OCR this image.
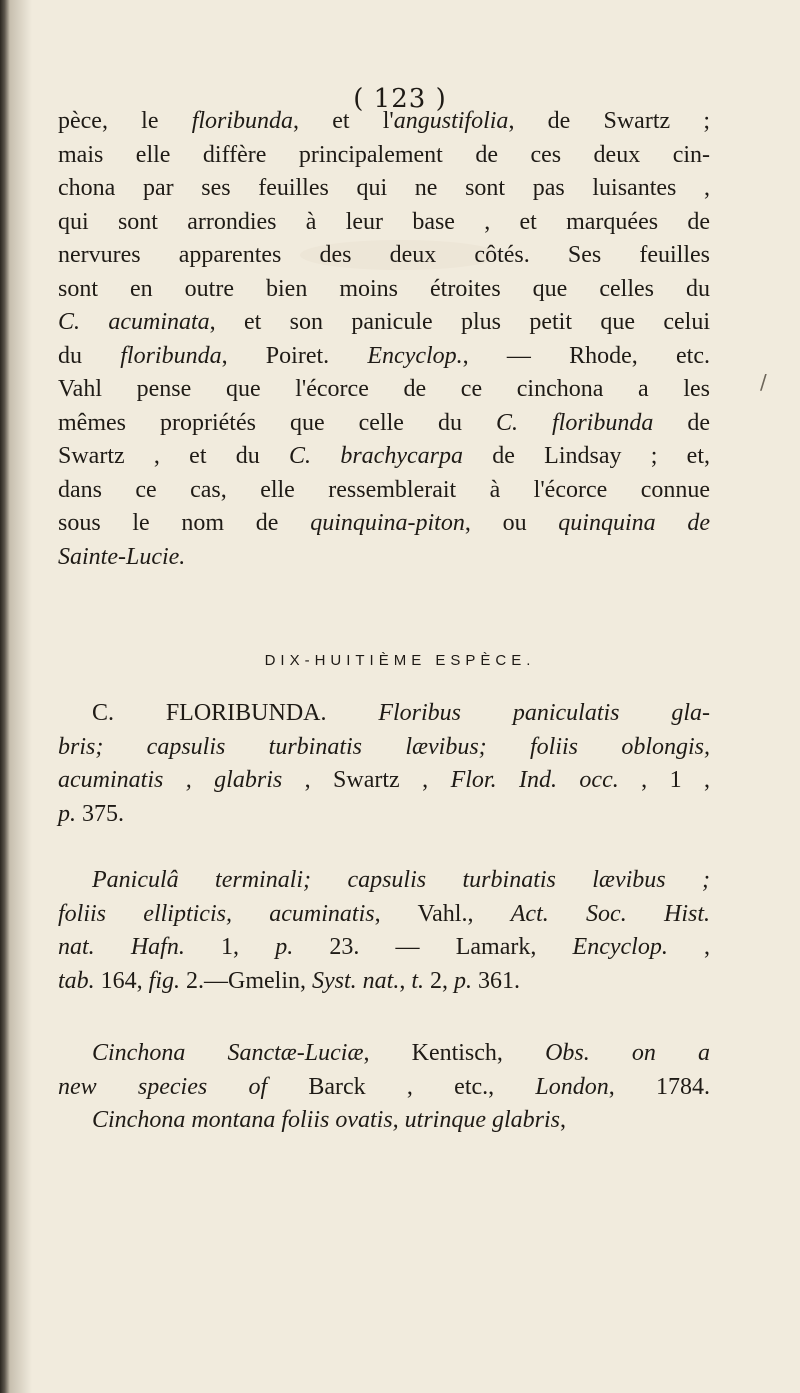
( 123 )
/
pèce, le floribunda, et l'angustifolia, de Swartz ;
mais elle diffère principalement de ces deux cin-
chona par ses feuilles qui ne sont pas luisantes ,
qui sont arrondies à leur base , et marquées de
nervures apparentes des deux côtés. Ses feuilles
sont en outre bien moins étroites que celles du
C. acuminata, et son panicule plus petit que celui
du floribunda, Poiret. Encyclop., — Rhode, etc.
Vahl pense que l'écorce de ce cinchona a les
mêmes propriétés que celle du C. floribunda de
Swartz , et du C. brachycarpa de Lindsay ; et,
dans ce cas, elle ressemblerait à l'écorce connue
sous le nom de quinquina-piton, ou quinquina de
Sainte-Lucie.
DIX-HUITIÈME ESPÈCE.
C. FLORIBUNDA. Floribus paniculatis gla-
bris; capsulis turbinatis lævibus; foliis oblongis,
acuminatis , glabris , Swartz , Flor. Ind. occ. , 1 ,
p. 375.
Paniculâ terminali; capsulis turbinatis lævibus ;
foliis ellipticis, acuminatis, Vahl., Act. Soc. Hist.
nat. Hafn. 1, p. 23. — Lamark, Encyclop. ,
tab. 164, fig. 2.—Gmelin, Syst. nat., t. 2, p. 361.
Cinchona Sanctæ-Luciæ, Kentisch, Obs. on a
new species of Barck , etc., London, 1784.
Cinchona montana foliis ovatis, utrinque glabris,
